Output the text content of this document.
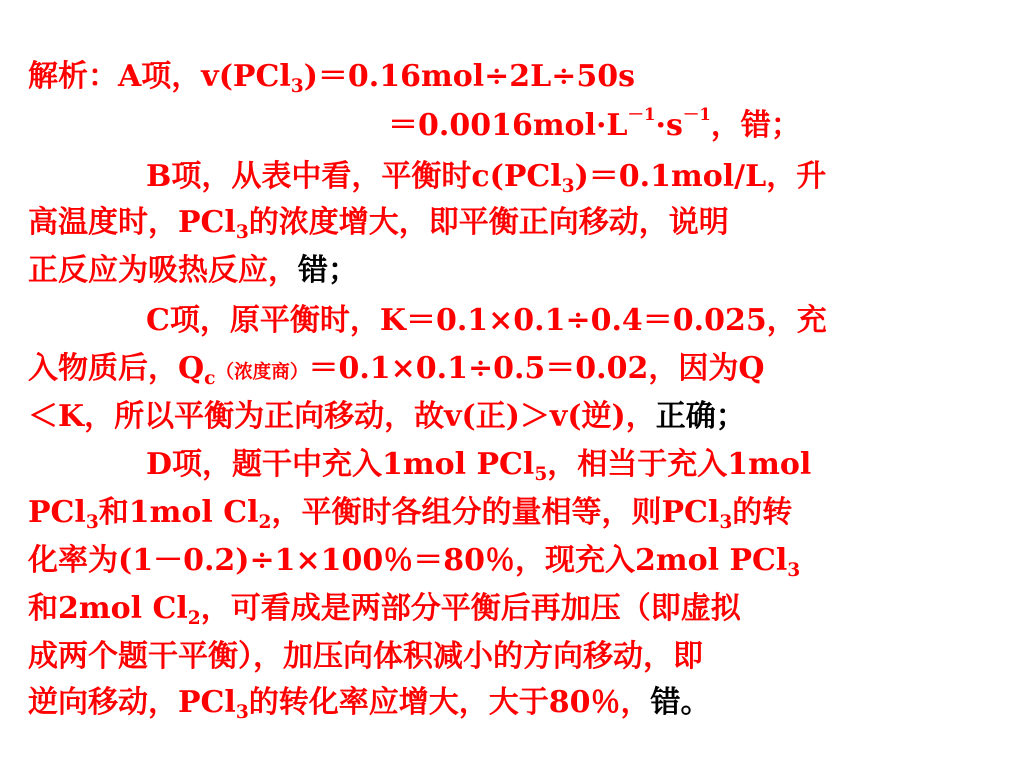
解析：A项，v(PCl$_3$)＝0.16mol÷2L÷50s
$=0.0016mol\cdot L^{-1}\cdot s^{-1}$，错；
B项，从表中看，平衡时c(PCl$_3$)＝0.1mol/L，升
高温度时，PCl$_3$的浓度增大，即平衡正向移动，说明
正反应为吸热反应，错；
C项，原平衡时，K＝0.1×0.1÷0.4＝0.025，充
入物质后，$Q_c$（浓度商）＝0.1×0.1÷0.5＝0.02，因为Q
＜K，所以平衡为正向移动，故v(正)＞v(逆)，正确；
D项，题干中充入1mol PCl$_5$，相当于充入1mol
PCl$_3$和1mol $Cl_2$，平衡时各组分的量相等，则PCl$_3$的转
化率为(1－0.2)÷1×100％＝80％，现充入2mol PCl$_3$
和2mol $Cl_2$，可看成是两部分平衡后再加压（即虚拟
成两个题干平衡），加压向体积减小的方向移动，即
逆向移动，PCl$_3$的转化率应增大，大于80％，错。
